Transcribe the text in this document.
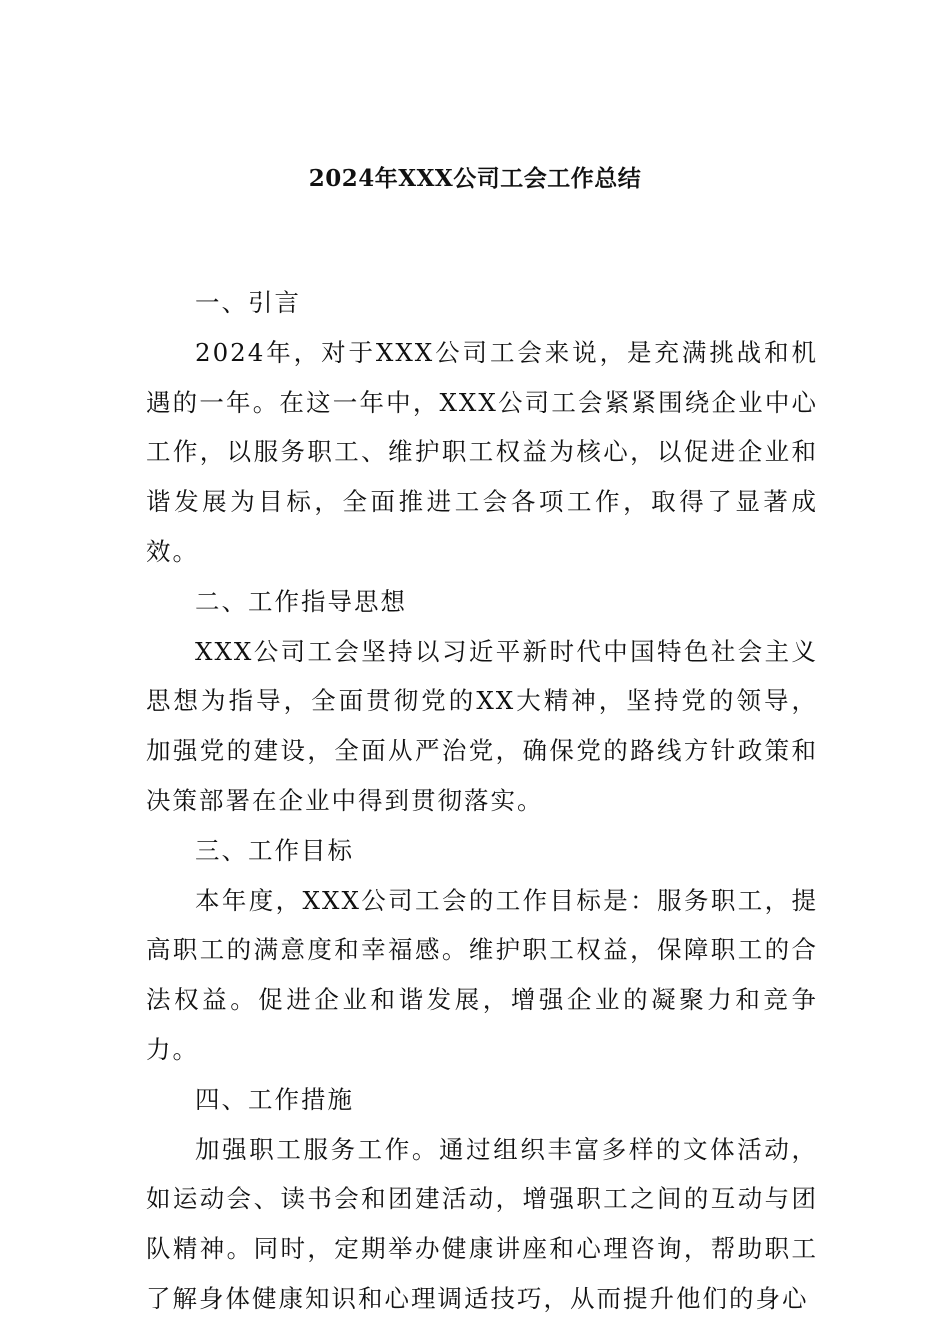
2024年XXX公司工会工作总结

一、引言

2024年，对于XXX公司工会来说，是充满挑战和机遇的一年。在这一年中，XXX公司工会紧紧围绕企业中心工作，以服务职工、维护职工权益为核心，以促进企业和谐发展为目标，全面推进工会各项工作，取得了显著成效。

二、工作指导思想

XXX公司工会坚持以习近平新时代中国特色社会主义思想为指导，全面贯彻党的XX大精神，坚持党的领导，加强党的建设，全面从严治党，确保党的路线方针政策和决策部署在企业中得到贯彻落实。

三、工作目标

本年度，XXX公司工会的工作目标是：服务职工，提高职工的满意度和幸福感。维护职工权益，保障职工的合法权益。促进企业和谐发展，增强企业的凝聚力和竞争力。

四、工作措施

加强职工服务工作。通过组织丰富多样的文体活动，如运动会、读书会和团建活动，增强职工之间的互动与团队精神。同时，定期举办健康讲座和心理咨询，帮助职工了解身体健康知识和心理调适技巧，从而提升他们的身心
